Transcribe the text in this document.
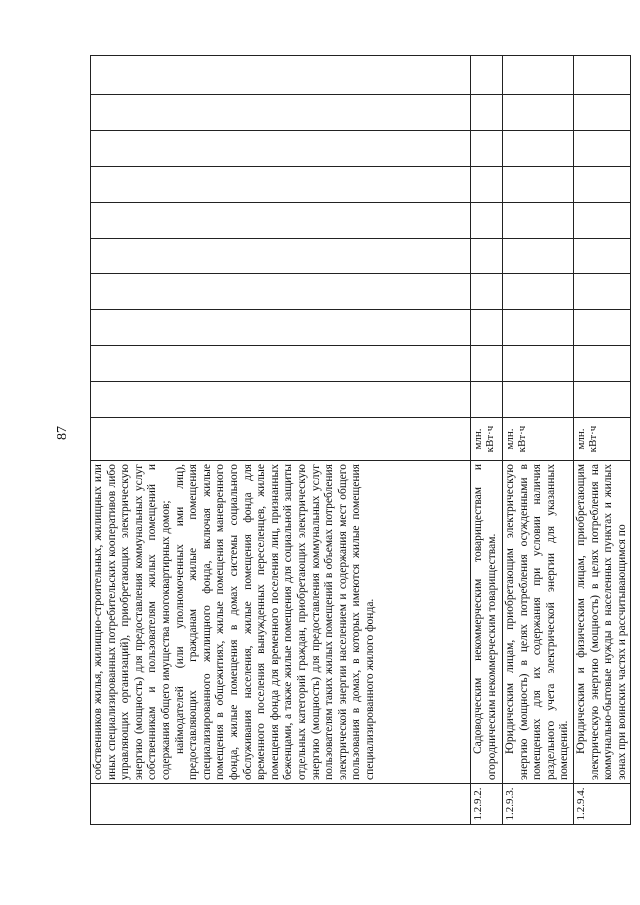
87

	собственников жилья, жилищно-строительных, жилищных или иных специализированных потребительских кооперативов либо управляющих организаций), приобретающих электрическую энергию (мощность) для предоставления коммунальных услуг собственникам и пользователям жилых помещений и содержания общего имущества многоквартирных домов; наймодателей (или уполномоченных ими лиц), предоставляющих гражданам жилые помещения специализированного жилищного фонда, включая жилые помещения в общежитиях, жилые помещения маневренного фонда, жилые помещения в домах системы социального обслуживания населения, жилые помещения фонда для временного поселения вынужденных переселенцев, жилые помещения фонда для временного поселения лиц, признанных беженцами, а также жилые помещения для социальной защиты отдельных категорий граждан, приобретающих электрическую энергию (мощность) для предоставления коммунальных услуг пользователям таких жилых помещений в объемах потребления электрической энергии населением и содержания мест общего пользования в домах, в которых имеются жилые помещения специализированного жилого фонда.											

1.2.9.2.	Садоводческим некоммерческим товариществам и огородническим некоммерческим товариществам.	млн. кВт·ч										
1.2.9.3.	Юридическим лицам, приобретающим электрическую энергию (мощность) в целях потребления осужденными в помещениях для их содержания при условии наличия раздельного учета электрической энергии для указанных помещений.	млн. кВт·ч										
1.2.9.4.	Юридическим и физическим лицам, приобретающим электрическую энергию (мощность) в целях потребления на коммунально-бытовые нужды в населенных пунктах и жилых зонах при воинских частях и рассчитывающимся по	млн. кВт·ч										
